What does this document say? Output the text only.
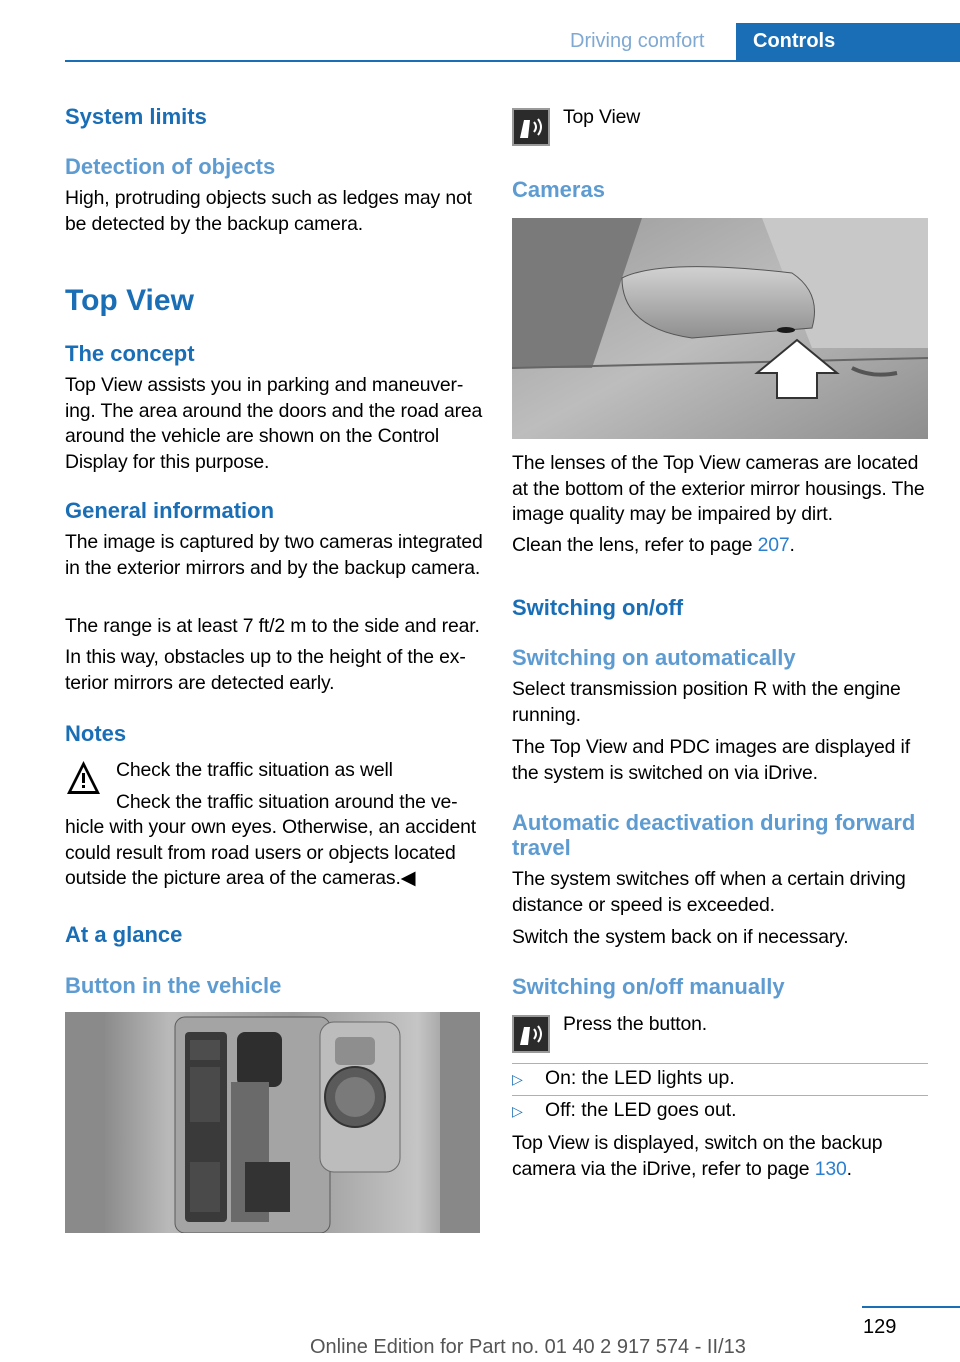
Driving comfort	Controls
System limits
Detection of objects
High, protruding objects such as ledges may not be detected by the backup camera.
Top View
The concept
Top View assists you in parking and maneuver‐ing. The area around the doors and the road area around the vehicle are shown on the Control Display for this purpose.
General information
The image is captured by two cameras integrated in the exterior mirrors and by the backup camera.
The range is at least 7 ft/2 m to the side and rear.
In this way, obstacles up to the height of the ex‐terior mirrors are detected early.
Notes
Check the traffic situation as well
Check the traffic situation around the ve‐
hicle with your own eyes. Otherwise, an accident could result from road users or objects located outside the picture area of the cameras.◀
At a glance
Button in the vehicle
Top View
Cameras
The lenses of the Top View cameras are located at the bottom of the exterior mirror housings. The image quality may be impaired by dirt.
Clean the lens, refer to page 207.
Switching on/off
Switching on automatically
Select transmission position R with the engine running.
The Top View and PDC images are displayed if the system is switched on via iDrive.
Automatic deactivation during forward travel
The system switches off when a certain driving distance or speed is exceeded.
Switch the system back on if necessary.
Switching on/off manually
Press the button.
▷ On: the LED lights up.
▷ Off: the LED goes out.
Top View is displayed, switch on the backup camera via the iDrive, refer to page 130.
129
Online Edition for Part no. 01 40 2 917 574 - II/13
